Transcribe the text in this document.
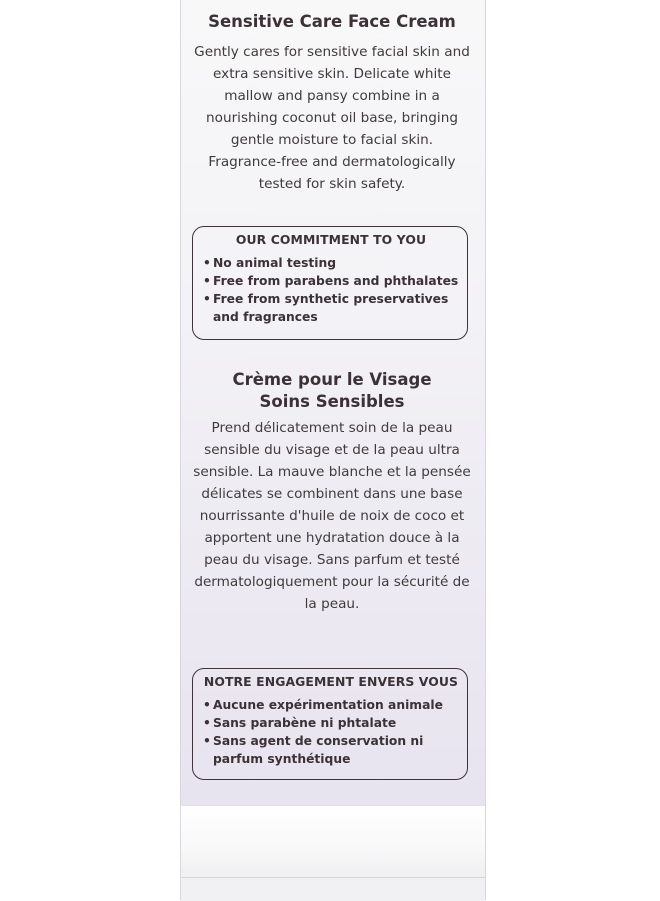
Sensitive Care Face Cream

Gently cares for sensitive facial skin and extra sensitive skin. Delicate white mallow and pansy combine in a nourishing coconut oil base, bringing gentle moisture to facial skin. Fragrance-free and dermatologically tested for skin safety.

OUR COMMITMENT TO YOU
• No animal testing
• Free from parabens and phthalates
• Free from synthetic preservatives and fragrances
Crème pour le Visage
Soins Sensibles

Prend délicatement soin de la peau sensible du visage et de la peau ultra sensible. La mauve blanche et la pensée délicates se combinent dans une base nourrissante d'huile de noix de coco et apportent une hydratation douce à la peau du visage. Sans parfum et testé dermatologiquement pour la sécurité de la peau.

NOTRE ENGAGEMENT ENVERS VOUS
• Aucune expérimentation animale
• Sans parabène ni phtalate
• Sans agent de conservation ni parfum synthétique
